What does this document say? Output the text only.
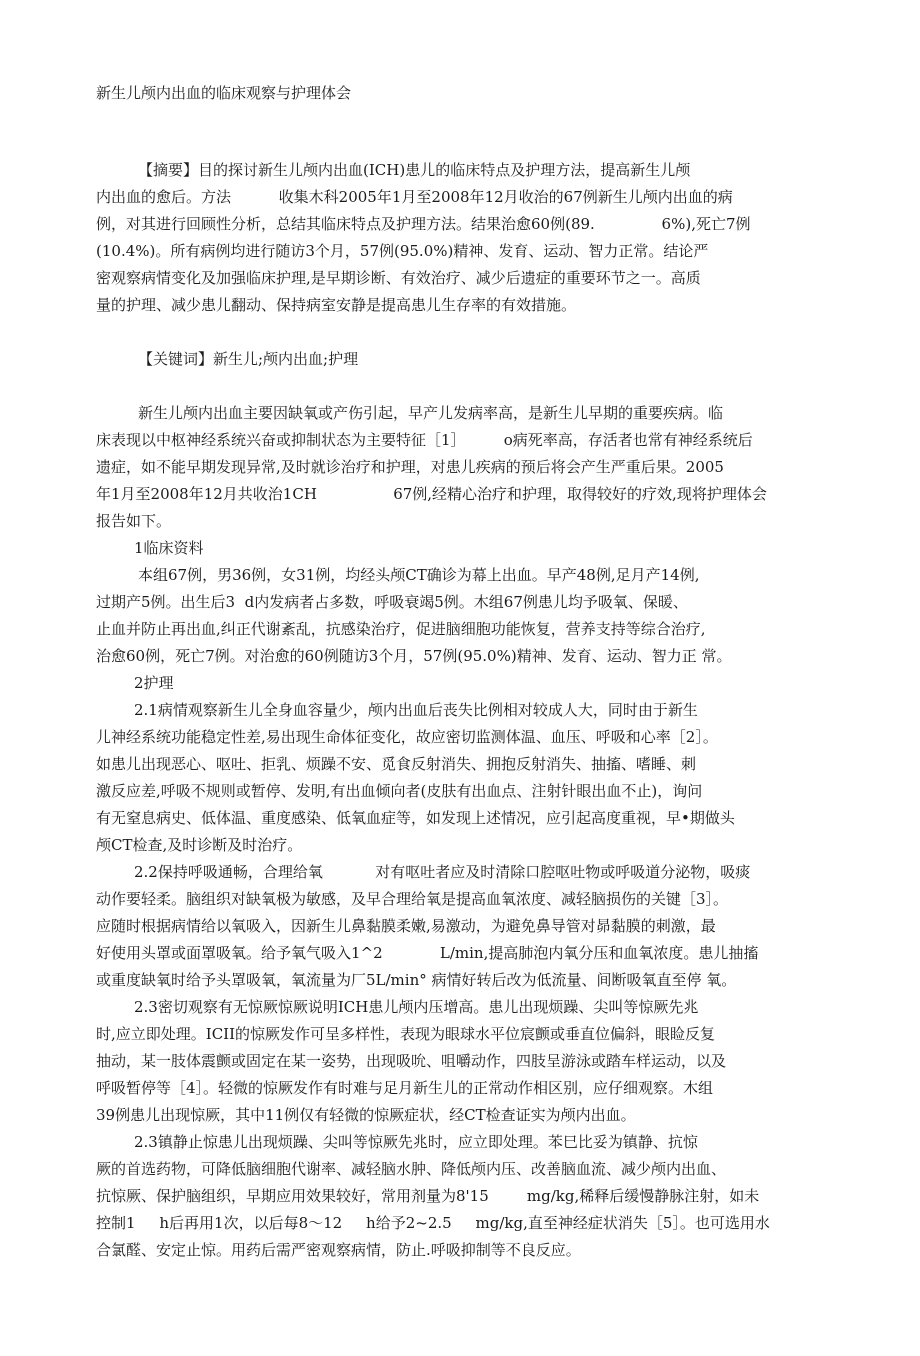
新生儿颅内出血的临床观察与护理体会

【摘要】目的探讨新生儿颅内出血(ICH)患儿的临床特点及护理方法，提高新生儿颅

内出血的愈后。方法          收集木科2005年1月至2008年12月收治的67例新生儿颅内出血的病

例，对其进行回顾性分析，总结其临床特点及护理方法。结果治愈60例(89.              6%),死亡7例

(10.4%)。所有病例均进行随访3个月，57例(95.0%)精神、发育、运动、智力正常。结论严

密观察病情变化及加强临床护理,是早期诊断、有效治疗、减少后遗症的重要环节之一。高质

量的护理、减少患儿翻动、保持病室安静是提高患儿生存率的有效措施。

【关键词】新生儿;颅内出血;护理

新生儿颅内出血主要因缺氧或产伤引起，早产儿发病率高，是新生儿早期的重要疾病。临

床表现以中枢神经系统兴奋或抑制状态为主要特征［1］        o病死率高，存活者也常有神经系统后

遗症，如不能早期发现异常,及时就诊治疗和护理，对患儿疾病的预后将会产生严重后果。2005

年1月至2008年12月共收治1CH                67例,经精心治疗和护理，取得较好的疗效,现将护理体会

报告如下。

1临床资料

本组67例，男36例，女31例，均经头颅CT确诊为幕上出血。早产48例,足月产14例,

过期产5例。出生后3  d内发病者占多数，呼吸衰竭5例。木组67例患儿均予吸氧、保暖、

止血并防止再出血,纠正代谢紊乱，抗感染治疗，促进脑细胞功能恢复，营养支持等综合治疗,

治愈60例，死亡7例。对治愈的60例随访3个月，57例(95.0%)精神、发育、运动、智力正 常。

2护理

2.1病情观察新生儿全身血容量少，颅内出血后丧失比例相对较成人大，同时由于新生

儿神经系统功能稳定性差,易出现生命体征变化，故应密切监测体温、血压、呼吸和心率［2］。

如患儿出现恶心、呕吐、拒乳、烦躁不安、觅食反射消失、拥抱反射消失、抽搐、嗜睡、刺

激反应差,呼吸不规则或暂停、发明,有出血倾向者(皮肤有出血点、注射针眼出血不止)，询问

有无窒息病史、低体温、重度感染、低氧血症等，如发现上述情况，应引起高度重视，早•期做头

颅CT检查,及时诊断及时治疗。

2.2保持呼吸通畅，合理给氧           对有呕吐者应及时清除口腔呕吐物或呼吸道分泌物，吸痰

动作要轻柔。脑组织对缺氧极为敏感，及早合理给氧是提高血氧浓度、减轻脑损伤的关键［3］。

应随时根据病情给以氧吸入，因新生儿鼻黏膜柔嫩,易激动，为避免鼻导管对昴黏膜的刺激，最

好使用头罩或面罩吸氧。给予氧气吸入1^2            L/min,提高肺泡内氧分压和血氧浓度。患儿抽搐

或重度缺氧时给予头罩吸氧，氧流量为厂5L/min° 病情好转后改为低流量、间断吸氧直至停 氧。

2.3密切观察有无惊厥惊厥说明ICH患儿颅内压增高。患儿出现烦躁、尖叫等惊厥先兆

时,应立即处理。ICII的惊厥发作可呈多样性，表现为眼球水平位宸颤或垂直位偏斜，眼睑反复

抽动，某一肢体震颤或固定在某一姿势，出现吸吮、咀嚼动作，四肢呈游泳或踏车样运动，以及

呼吸暂停等［4］。轻微的惊厥发作有时难与足月新生儿的正常动作相区别，应仔细观察。木组

39例患儿出现惊厥，其中11例仅有轻微的惊厥症状，经CT检查证实为颅内出血。

2.3镇静止惊患儿出现烦躁、尖叫等惊厥先兆时，应立即处理。苯巳比妥为镇静、抗惊

厥的首选药物，可降低脑细胞代谢率、减轻脑水肿、降低颅内压、改善脑血流、减少颅内出血、

抗惊厥、保护脑组织，早期应用效果较好，常用剂量为8'15        mg/kg,稀释后缓慢静脉注射，如未

控制1     h后再用1次，以后每8〜12     h给予2~2.5     mg/kg,直至神经症状消失［5］。也可选用水

合氯醛、安定止惊。用药后需严密观察病情，防止.呼吸抑制等不良反应。
